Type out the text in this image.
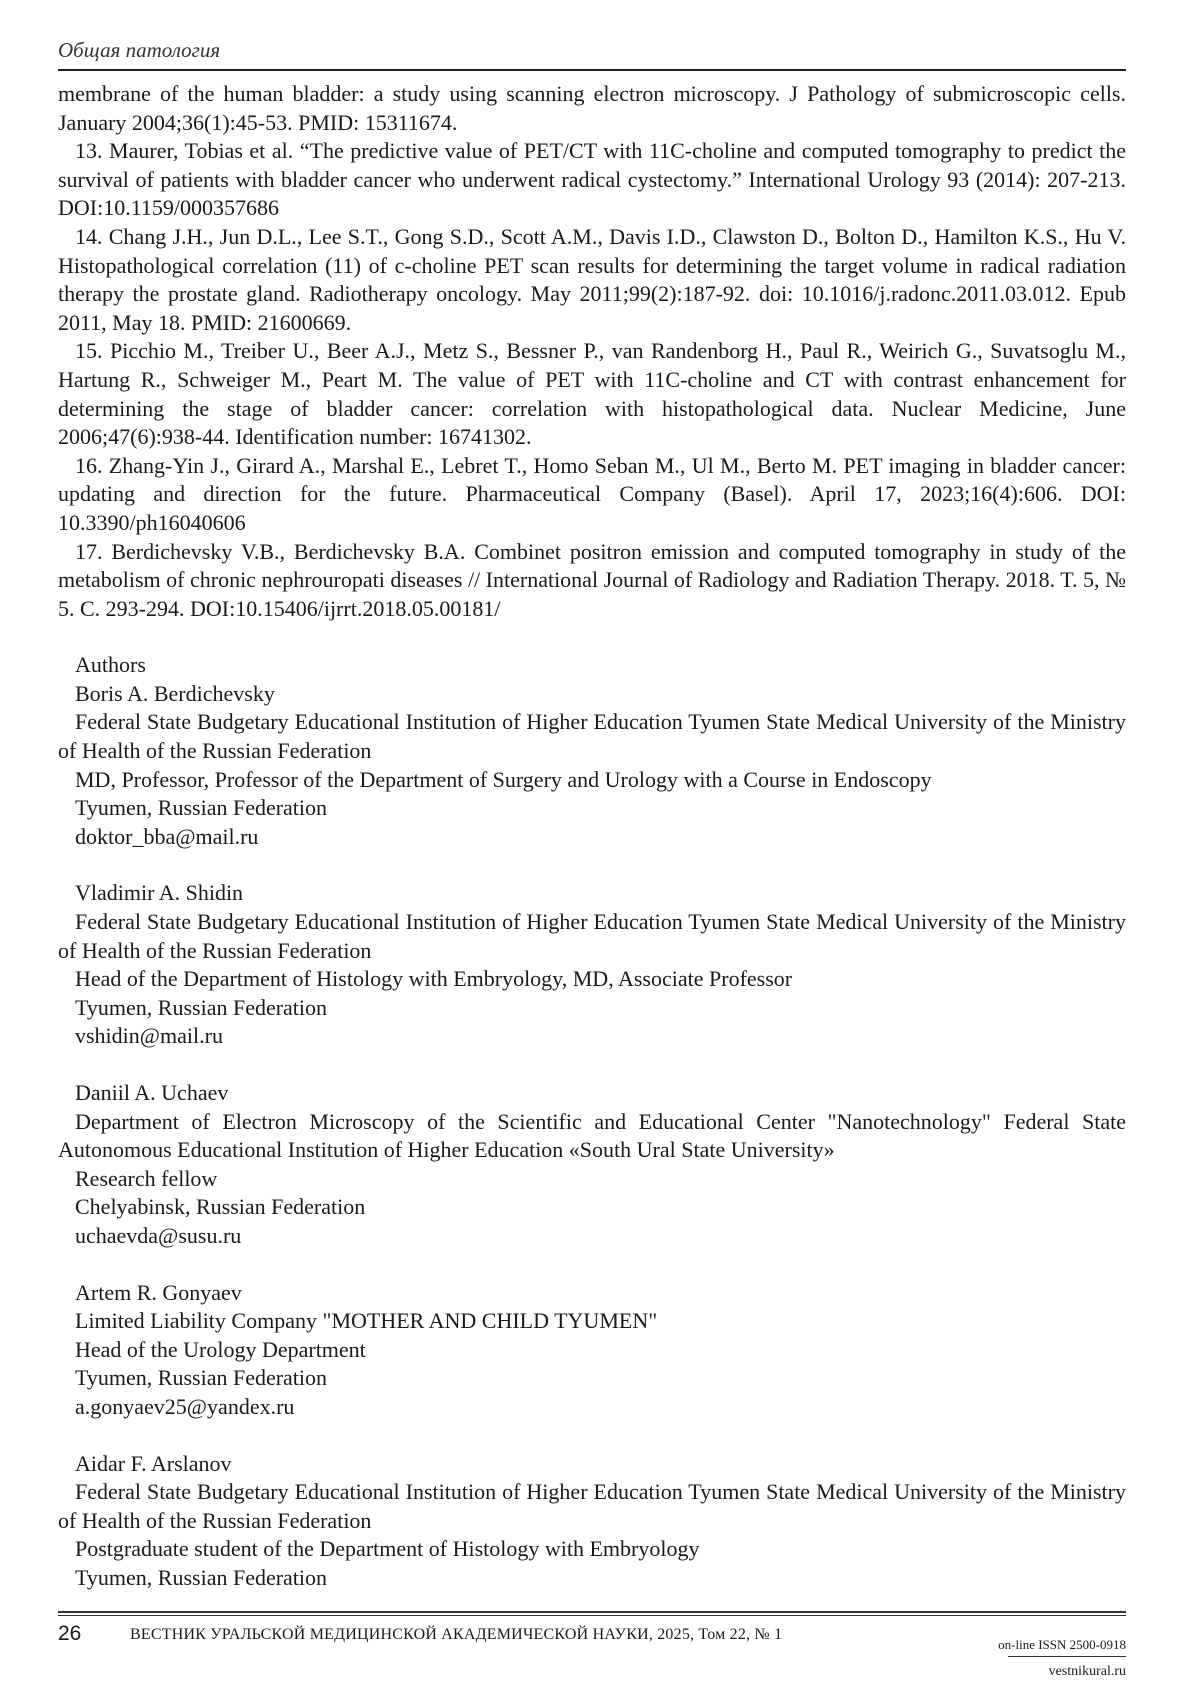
Общая патология

membrane of the human bladder: a study using scanning electron microscopy. J Pathology of submicroscopic cells. January 2004;36(1):45-53. PMID: 15311674.

13. Maurer, Tobias et al. “The predictive value of PET/CT with 11C-choline and computed tomography to predict the survival of patients with bladder cancer who underwent radical cystectomy.” International Urology 93 (2014): 207-213. DOI:10.1159/000357686

14. Chang J.H., Jun D.L., Lee S.T., Gong S.D., Scott A.M., Davis I.D., Clawston D., Bolton D., Hamilton K.S., Hu V. Histopathological correlation (11) of c-choline PET scan results for determining the target volume in radical radiation therapy the prostate gland. Radiotherapy oncology. May 2011;99(2):187-92. doi: 10.1016/j.radonc.2011.03.012. Epub 2011, May 18. PMID: 21600669.

15. Picchio M., Treiber U., Beer A.J., Metz S., Bessner P., van Randenborg H., Paul R., Weirich G., Suvatsoglu M., Hartung R., Schweiger M., Peart M. The value of PET with 11C-choline and CT with contrast enhancement for determining the stage of bladder cancer: correlation with histopathological data. Nuclear Medicine, June 2006;47(6):938-44. Identification number: 16741302.

16. Zhang-Yin J., Girard A., Marshal E., Lebret T., Homo Seban M., Ul M., Berto M. PET imaging in bladder cancer: updating and direction for the future. Pharmaceutical Company (Basel). April 17, 2023;16(4):606. DOI: 10.3390/ph16040606

17. Berdichevsky V.B., Berdichevsky B.A. Combinet positron emission and computed tomography in study of the metabolism of chronic nephrouropati diseases // International Journal of Radiology and Radiation Therapy. 2018. T. 5, № 5. C. 293-294. DOI:10.15406/ijrrt.2018.05.00181/

Authors

Boris A. Berdichevsky

Federal State Budgetary Educational Institution of Higher Education Tyumen State Medical University of the Ministry of Health of the Russian Federation

MD, Professor, Professor of the Department of Surgery and Urology with a Course in Endoscopy

Tyumen, Russian Federation

doktor_bba@mail.ru

Vladimir A. Shidin

Federal State Budgetary Educational Institution of Higher Education Tyumen State Medical University of the Ministry of Health of the Russian Federation

Head of the Department of Histology with Embryology, MD, Associate Professor

Tyumen, Russian Federation

vshidin@mail.ru

Daniil A. Uchaev

Department of Electron Microscopy of the Scientific and Educational Center "Nanotechnology" Federal State Autonomous Educational Institution of Higher Education «South Ural State University»

Research fellow

Chelyabinsk, Russian Federation

uchaevda@susu.ru

Artem R. Gonyaev

Limited Liability Company "MOTHER AND CHILD TYUMEN"

Head of the Urology Department

Tyumen, Russian Federation

a.gonyaev25@yandex.ru

Aidar F. Arslanov

Federal State Budgetary Educational Institution of Higher Education Tyumen State Medical University of the Ministry of Health of the Russian Federation

Postgraduate student of the Department of Histology with Embryology

Tyumen, Russian Federation

26	ВЕСТНИК УРАЛЬСКОЙ МЕДИЦИНСКОЙ АКАДЕМИЧЕСКОЙ НАУКИ, 2025, Том 22, № 1
on-line ISSN 2500-0918
vestnikural.ru
